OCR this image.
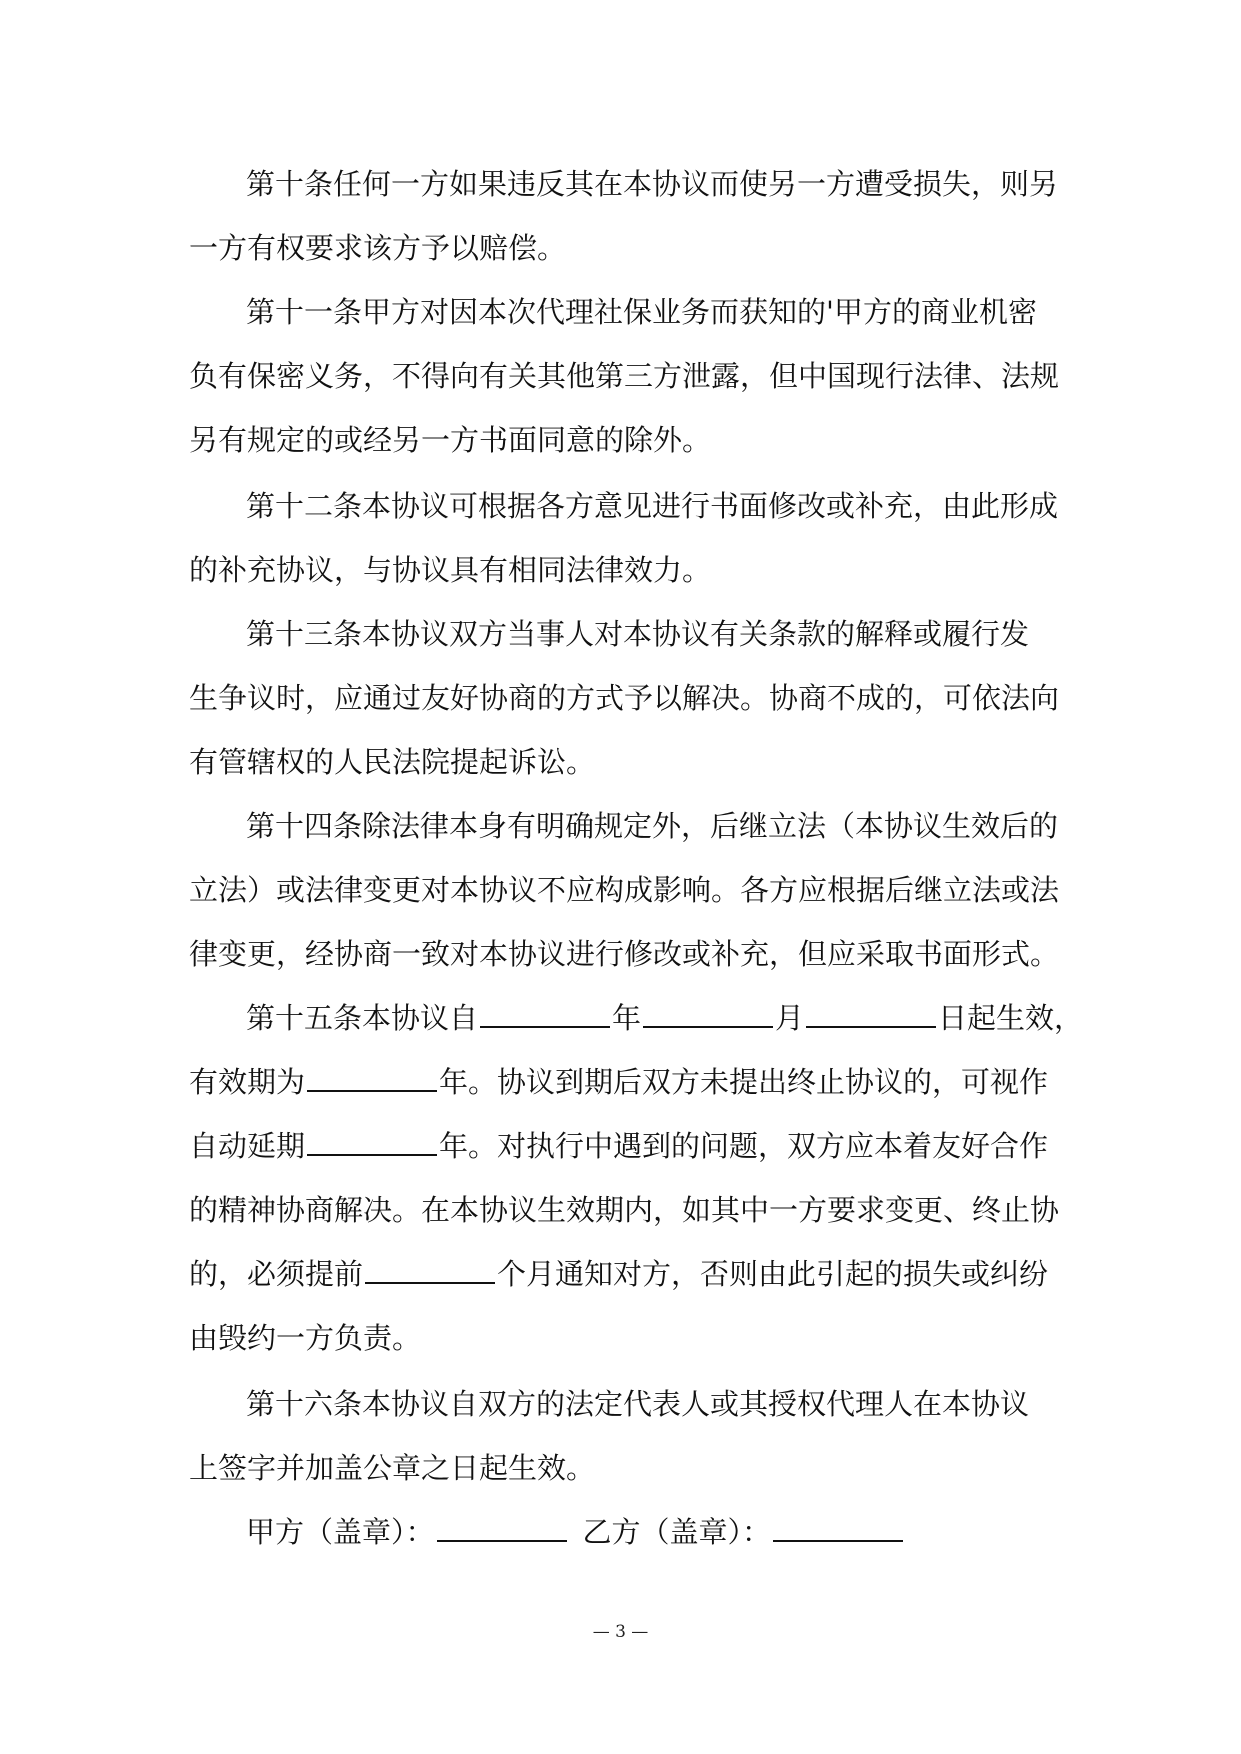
第十条任何一方如果违反其在本协议而使另一方遭受损失，则另
一方有权要求该方予以赔偿。
第十一条甲方对因本次代理社保业务而获知的'甲方的商业机密
负有保密义务，不得向有关其他第三方泄露，但中国现行法律、法规
另有规定的或经另一方书面同意的除外。
第十二条本协议可根据各方意见进行书面修改或补充，由此形成
的补充协议，与协议具有相同法律效力。
第十三条本协议双方当事人对本协议有关条款的解释或履行发
生争议时，应通过友好协商的方式予以解决。协商不成的，可依法向
有管辖权的人民法院提起诉讼。
第十四条除法律本身有明确规定外，后继立法（本协议生效后的
立法）或法律变更对本协议不应构成影响。各方应根据后继立法或法
律变更，经协商一致对本协议进行修改或补充，但应采取书面形式。
第十五条本协议自	年	月	日起生效，
有效期为	年。协议到期后双方未提出终止协议的，可视作
自动延期	年。对执行中遇到的问题，双方应本着友好合作
的精神协商解决。在本协议生效期内，如其中一方要求变更、终止协
的，必须提前	个月通知对方，否则由此引起的损失或纠纷
由毁约一方负责。
第十六条本协议自双方的法定代表人或其授权代理人在本协议
上签字并加盖公章之日起生效。
甲方（盖章）：	乙方（盖章）：
— 3 —
